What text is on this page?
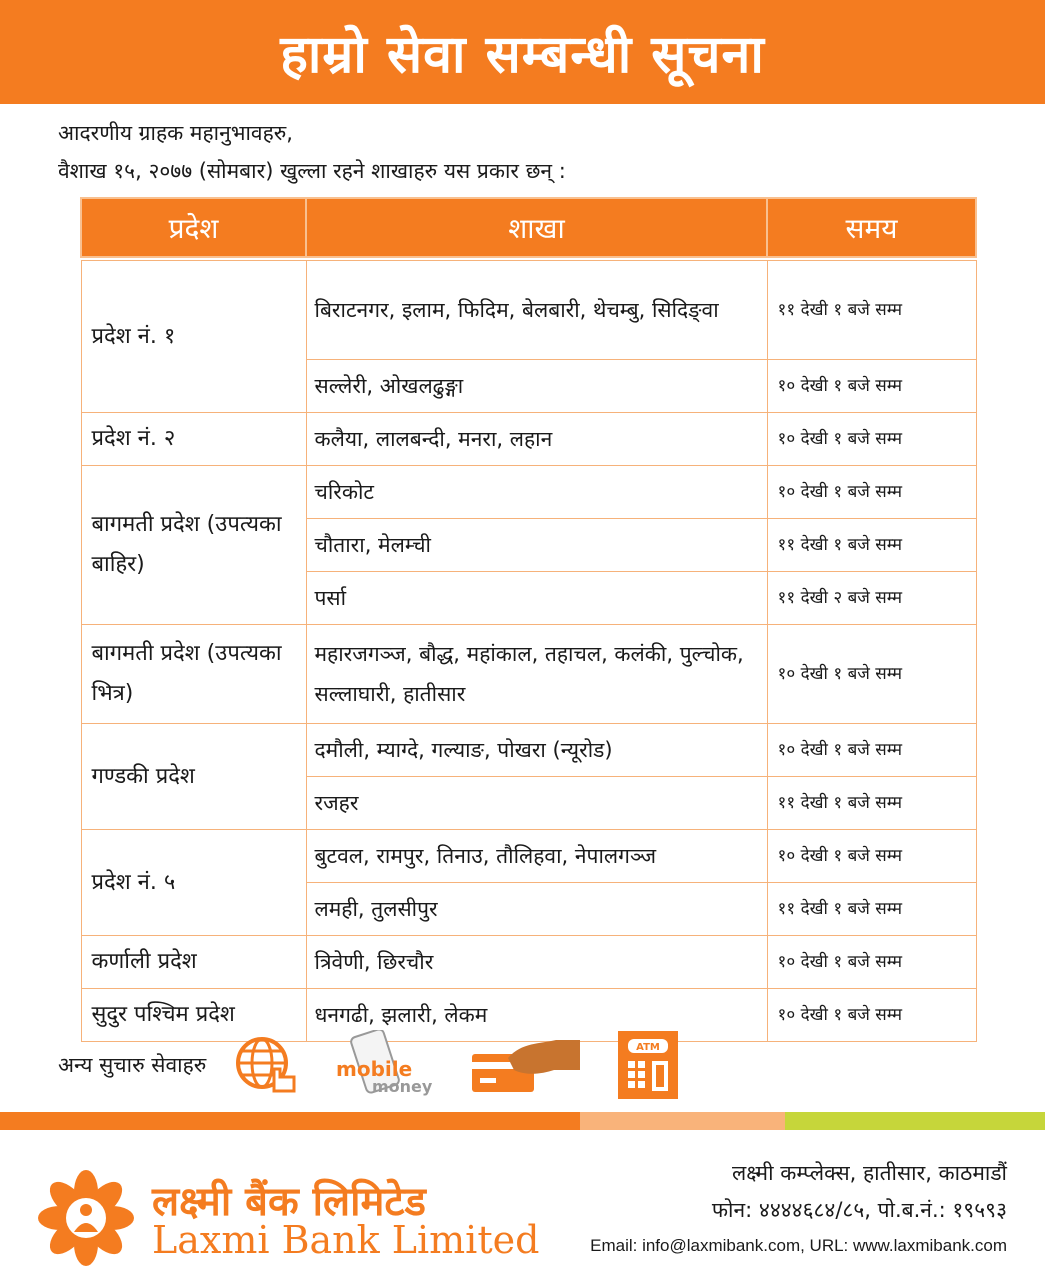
हाम्रो सेवा सम्बन्धी सूचना
आदरणीय ग्राहक महानुभावहरु,
वैशाख १५, २०७७ (सोमबार) खुल्ला रहने शाखाहरु यस प्रकार छन् :
प्रदेश	शाखा	समय

प्रदेश नं. १	बिराटनगर, इलाम, फिदिम, बेलबारी, थेचम्बु, सिदिङ्वा	११ देखी १ बजे सम्म
	सल्लेरी, ओखलढुङ्गा	१० देखी १ बजे सम्म
प्रदेश नं. २	कलैया, लालबन्दी, मनरा, लहान	१० देखी १ बजे सम्म
बागमती प्रदेश (उपत्यका बाहिर)	चरिकोट	१० देखी १ बजे सम्म
	चौतारा, मेलम्ची	११ देखी १ बजे सम्म
	पर्सा	११ देखी २ बजे सम्म
बागमती प्रदेश (उपत्यका भित्र)	महारजगञ्ज, बौद्ध, महांकाल, तहाचल, कलंकी, पुल्चोक, सल्लाघारी, हातीसार	१० देखी १ बजे सम्म
गण्डकी प्रदेश	दमौली, म्याग्दे, गल्याङ, पोखरा (न्यूरोड)	१० देखी १ बजे सम्म
	रजहर	११ देखी १ बजे सम्म
प्रदेश नं. ५	बुटवल, रामपुर, तिनाउ, तौलिहवा, नेपालगञ्ज	१० देखी १ बजे सम्म
	लमही, तुलसीपुर	११ देखी १ बजे सम्म
कर्णाली प्रदेश	त्रिवेणी, छिरचौर	१० देखी १ बजे सम्म
सुदुर पश्चिम प्रदेश	धनगढी, झलारी, लेकम	१० देखी १ बजे सम्म
अन्य सुचारु सेवाहरु	mobile
money
ATM
लक्ष्मी बैंक लिमिटेड
Laxmi Bank Limited
लक्ष्मी कम्प्लेक्स, हातीसार, काठमाडौं
फोन: ४४४४६८४/८५, पो.ब.नं.: १९५९३
Email: info@laxmibank.com, URL: www.laxmibank.com
